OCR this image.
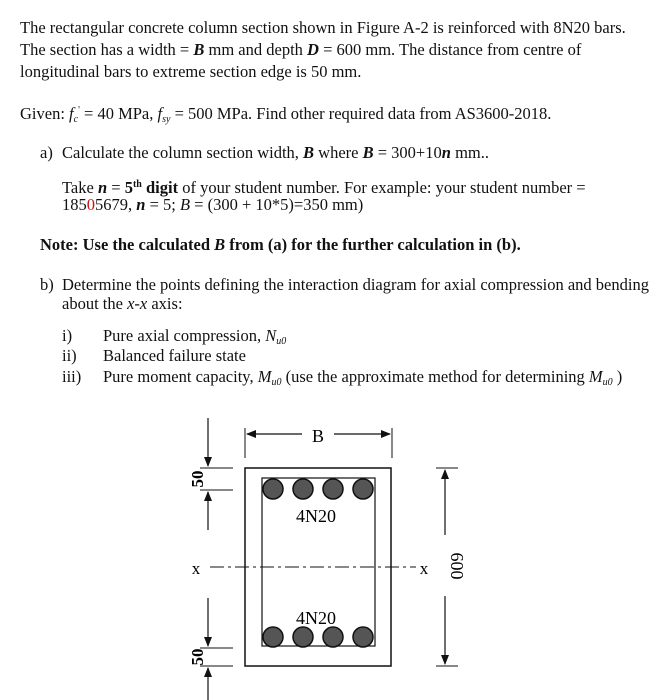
The rectangular concrete column section shown in Figure A-2 is reinforced with 8N20 bars.
The section has a width = B mm and depth D = 600 mm. The distance from centre of
longitudinal bars to extreme section edge is 50 mm.
Given: $f_c' = 40$ MPa, $f_{sy} = 500$ MPa. Find other required data from AS3600-2018.
a) Calculate the column section width, B where B = 300+10n mm..
Take n = 5th digit of your student number. For example: your student number =
18505679, n = 5; B = (300 + 10*5)=350 mm)
Note: Use the calculated B from (a) for the further calculation in (b).
b) Determine the points defining the interaction diagram for axial compression and bending
about the x-x axis:
i) Pure axial compression, $N_{u0}$
ii) Balanced failure state
iii) Pure moment capacity, $M_{u0}$ (use the approximate method for determining $M_{u0}$ )
B
600
50
50
x	x
4N20
4N20
